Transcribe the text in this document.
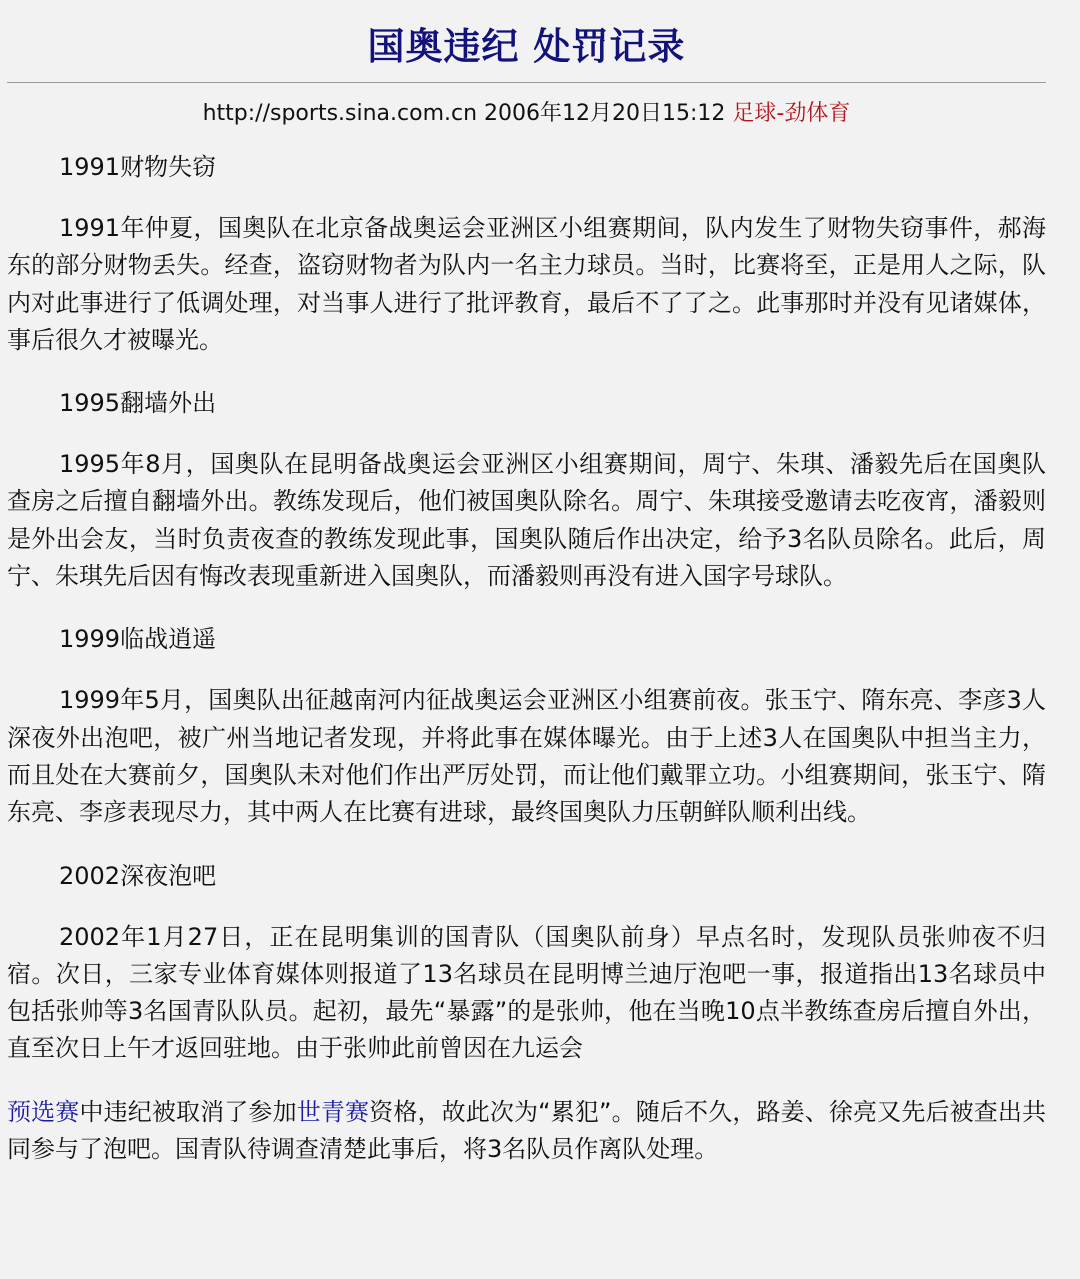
国奥违纪 处罚记录
http://sports.sina.com.cn 2006年12月20日15:12 足球-劲体育

1991财物失窃

1991年仲夏，国奥队在北京备战奥运会亚洲区小组赛期间，队内发生了财物失窃事件，郝海东的部分财物丢失。经查，盗窃财物者为队内一名主力球员。当时，比赛将至，正是用人之际，队内对此事进行了低调处理，对当事人进行了批评教育，最后不了了之。此事那时并没有见诸媒体，事后很久才被曝光。

1995翻墙外出

1995年8月，国奥队在昆明备战奥运会亚洲区小组赛期间，周宁、朱琪、潘毅先后在国奥队查房之后擅自翻墙外出。教练发现后，他们被国奥队除名。周宁、朱琪接受邀请去吃夜宵，潘毅则是外出会友，当时负责夜查的教练发现此事，国奥队随后作出决定，给予3名队员除名。此后，周宁、朱琪先后因有悔改表现重新进入国奥队，而潘毅则再没有进入国字号球队。

1999临战逍遥

1999年5月，国奥队出征越南河内征战奥运会亚洲区小组赛前夜。张玉宁、隋东亮、李彦3人深夜外出泡吧，被广州当地记者发现，并将此事在媒体曝光。由于上述3人在国奥队中担当主力，而且处在大赛前夕，国奥队未对他们作出严厉处罚，而让他们戴罪立功。小组赛期间，张玉宁、隋东亮、李彦表现尽力，其中两人在比赛有进球，最终国奥队力压朝鲜队顺利出线。

2002深夜泡吧

2002年1月27日，正在昆明集训的国青队（国奥队前身）早点名时，发现队员张帅夜不归宿。次日，三家专业体育媒体则报道了13名球员在昆明博兰迪厅泡吧一事，报道指出13名球员中包括张帅等3名国青队队员。起初，最先“暴露”的是张帅，他在当晚10点半教练查房后擅自外出，直至次日上午才返回驻地。由于张帅此前曾因在九运会

预选赛中违纪被取消了参加世青赛资格，故此次为“累犯”。随后不久，路姜、徐亮又先后被查出共同参与了泡吧。国青队待调查清楚此事后，将3名队员作离队处理。
